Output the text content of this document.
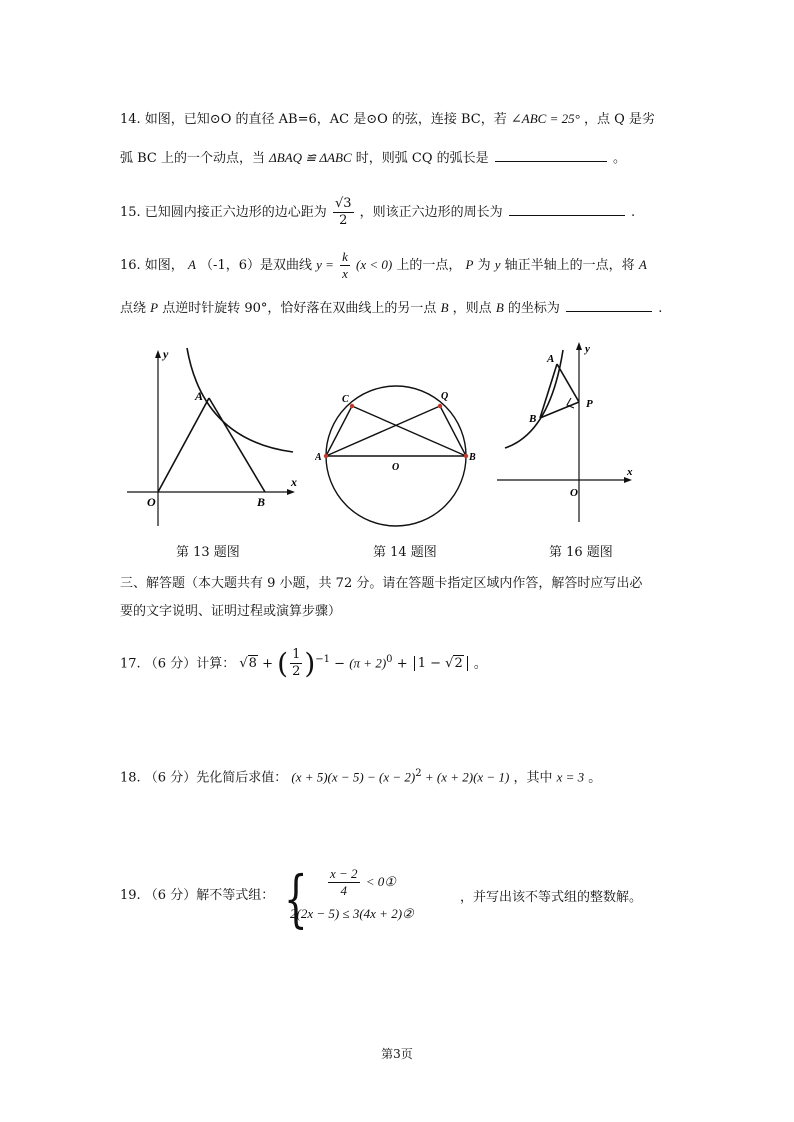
14. 如图，已知⊙O 的直径 AB=6，AC 是⊙O 的弦，连接 BC，若 ∠ABC = 25° ，点 Q 是劣
弧 BC 上的一个动点，当 ΔBAQ ≌ ΔABC 时，则弧 CQ 的弧长是	。
15. 已知圆内接正六边形的边心距为 $\frac{√3}{2}$ ，则该正六边形的周长为	.
16. 如图， A （-1，6）是双曲线 $y = \frac{k}{x} (x < 0)$ 上的一点， P 为 y 轴正半轴上的一点，将 A
点绕 P 点逆时针旋转 90°，恰好落在双曲线上的另一点 B ，则点 B 的坐标为	.
y
x
O
A
B
第 13 题图
A	B
C	Q
O
第 14 题图
y
x
O
A
B
P
第 16 题图
三、解答题（本大题共有 9 小题，共 72 分。请在答题卡指定区域内作答，解答时应写出必
要的文字说明、证明过程或演算步骤）
17. （6 分）计算： √8 + ( $\frac{1}{2} )^{-1} - (\pi + 2)^0 + 1 - √2$ 。
18. （6 分）先化简后求值： $(x + 5)(x - 5) - (x - 2)^2 + (x + 2)(x - 1)$ ，其中 x = 3 。
19. （6 分）解不等式组： { $\frac{x - 2}{4}$ < 0①
2(2x − 5) ≤ 3(4x + 2)②
，并写出该不等式组的整数解。
第3页
